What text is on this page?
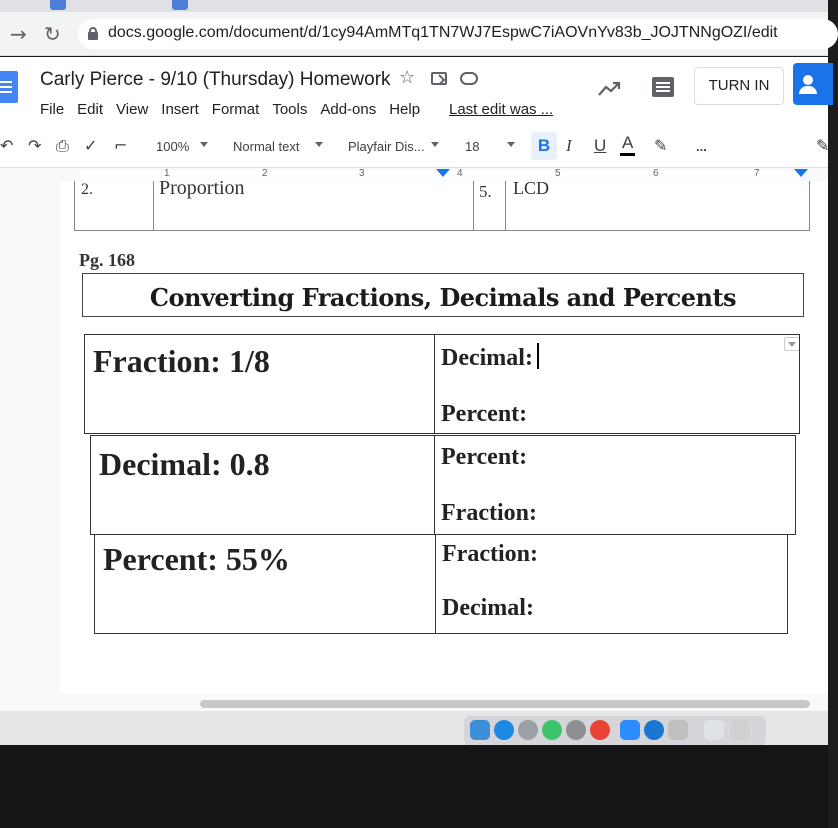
→ ↻	docs.google.com/document/d/1cy94AmMTq1TN7WJ7EspwC7iAOVnYv83b_JOJTNNgOZI/edit
Carly Pierce - 9/10 (Thursday) Homework ☆
File Edit View Insert Format Tools Add-ons Help Last edit was ...
TURN IN
↶ ↷ ⎙ ✓ ⌐ 100%	Normal text	Playfair Dis...	18	B I U A ✎ ...	✎
1	2	3	4	5	6	7
2.	Proportion	5. LCD
Pg. 168
Converting Fractions, Decimals and Percents
Fraction: 1/8	Decimal:
Percent:
Decimal: 0.8	Percent:
Fraction:
Percent: 55%	Fraction:
Decimal:
